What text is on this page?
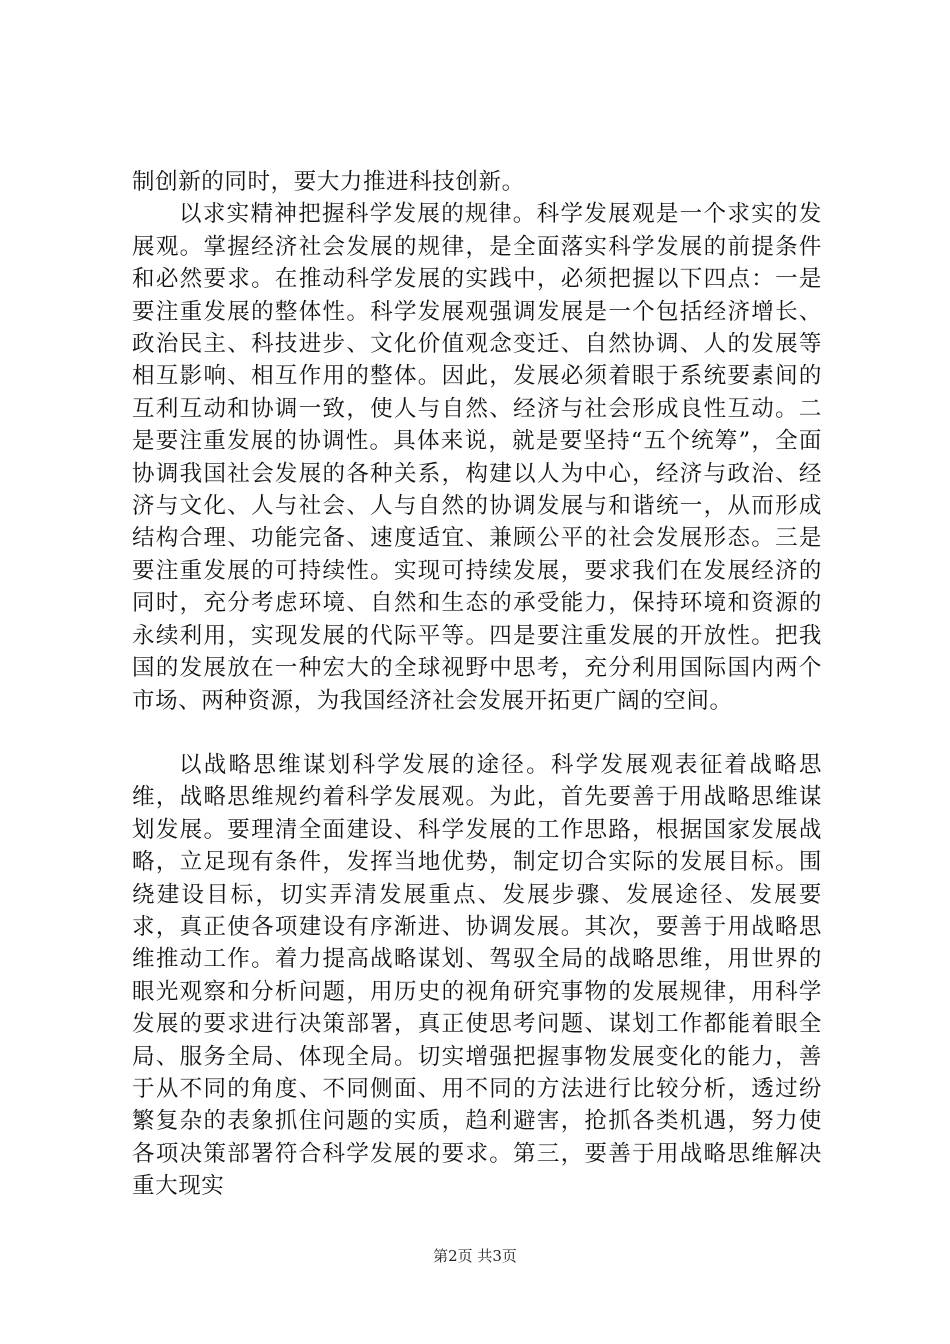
制创新的同时，要大力推进科技创新。

以求实精神把握科学发展的规律。科学发展观是一个求实的发展观。掌握经济社会发展的规律，是全面落实科学发展的前提条件和必然要求。在推动科学发展的实践中，必须把握以下四点：一是要注重发展的整体性。科学发展观强调发展是一个包括经济增长、政治民主、科技进步、文化价值观念变迁、自然协调、人的发展等相互影响、相互作用的整体。因此，发展必须着眼于系统要素间的互利互动和协调一致，使人与自然、经济与社会形成良性互动。二是要注重发展的协调性。具体来说，就是要坚持“五个统筹”，全面协调我国社会发展的各种关系，构建以人为中心，经济与政治、经济与文化、人与社会、人与自然的协调发展与和谐统一，从而形成结构合理、功能完备、速度适宜、兼顾公平的社会发展形态。三是要注重发展的可持续性。实现可持续发展，要求我们在发展经济的同时，充分考虑环境、自然和生态的承受能力，保持环境和资源的永续利用，实现发展的代际平等。四是要注重发展的开放性。把我国的发展放在一种宏大的全球视野中思考，充分利用国际国内两个市场、两种资源，为我国经济社会发展开拓更广阔的空间。

以战略思维谋划科学发展的途径。科学发展观表征着战略思维，战略思维规约着科学发展观。为此，首先要善于用战略思维谋划发展。要理清全面建设、科学发展的工作思路，根据国家发展战略，立足现有条件，发挥当地优势，制定切合实际的发展目标。围绕建设目标，切实弄清发展重点、发展步骤、发展途径、发展要求，真正使各项建设有序渐进、协调发展。其次，要善于用战略思维推动工作。着力提高战略谋划、驾驭全局的战略思维，用世界的眼光观察和分析问题，用历史的视角研究事物的发展规律，用科学发展的要求进行决策部署，真正使思考问题、谋划工作都能着眼全局、服务全局、体现全局。切实增强把握事物发展变化的能力，善于从不同的角度、不同侧面、用不同的方法进行比较分析，透过纷繁复杂的表象抓住问题的实质，趋利避害，抢抓各类机遇，努力使各项决策部署符合科学发展的要求。第三，要善于用战略思维解决重大现实

第2页 共3页
